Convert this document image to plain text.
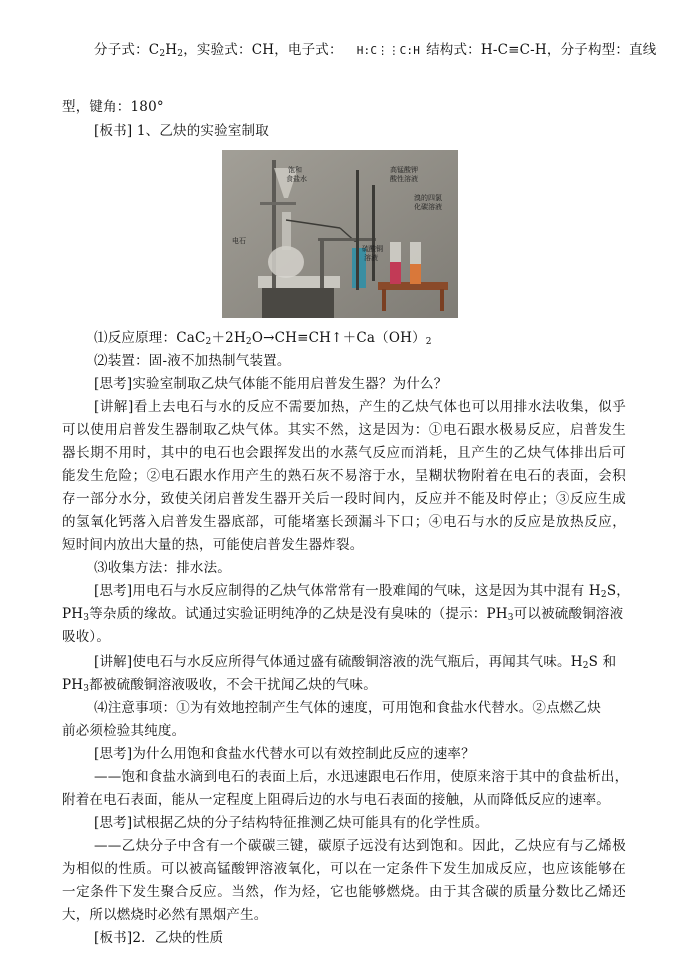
分子式：$C_2H_2$，实验式：CH，电子式： H:C⋮⋮C:H 结构式：H-C≡C-H，分子构型：直线
型，键角：180°
[板书] 1、乙炔的实验室制取
饱和
食盐水
高锰酸钾
酸性溶液
溴的四氯
化碳溶液
硫酸铜
溶液
电石
⑴反应原理：$CaC_2+2H_2O\to CH\equiv CH↑+Ca(OH)_2$
⑵装置：固-液不加热制气装置。
[思考]实验室制取乙炔气体能不能用启普发生器？为什么？
[讲解]看上去电石与水的反应不需要加热，产生的乙炔气体也可以用排水法收集，似乎
可以使用启普发生器制取乙炔气体。其实不然，这是因为：①电石跟水极易反应，启普发生
器长期不用时，其中的电石也会跟挥发出的水蒸气反应而消耗，且产生的乙炔气体排出后可
能发生危险；②电石跟水作用产生的熟石灰不易溶于水，呈糊状物附着在电石的表面，会积
存一部分水分，致使关闭启普发生器开关后一段时间内，反应并不能及时停止；③反应生成
的氢氧化钙落入启普发生器底部，可能堵塞长颈漏斗下口；④电石与水的反应是放热反应，
短时间内放出大量的热，可能使启普发生器炸裂。
⑶收集方法：排水法。
[思考]用电石与水反应制得的乙炔气体常常有一股难闻的气味，这是因为其中混有 $H_2S$，
$PH_3$等杂质的缘故。试通过实验证明纯净的乙炔是没有臭味的（提示：$PH_3$可以被硫酸铜溶液
吸收）。
[讲解]使电石与水反应所得气体通过盛有硫酸铜溶液的洗气瓶后，再闻其气味。$H_2S$ 和
$PH_3$都被硫酸铜溶液吸收，不会干扰闻乙炔的气味。
⑷注意事项：①为有效地控制产生气体的速度，可用饱和食盐水代替水。②点燃乙炔
前必须检验其纯度。
[思考]为什么用饱和食盐水代替水可以有效控制此反应的速率？
——饱和食盐水滴到电石的表面上后，水迅速跟电石作用，使原来溶于其中的食盐析出，
附着在电石表面，能从一定程度上阻碍后边的水与电石表面的接触，从而降低反应的速率。
[思考]试根据乙炔的分子结构特征推测乙炔可能具有的化学性质。
——乙炔分子中含有一个碳碳三键，碳原子远没有达到饱和。因此，乙炔应有与乙烯极
为相似的性质。可以被高锰酸钾溶液氧化，可以在一定条件下发生加成反应，也应该能够在
一定条件下发生聚合反应。当然，作为烃，它也能够燃烧。由于其含碳的质量分数比乙烯还
大，所以燃烧时必然有黑烟产生。
[板书]2．乙炔的性质
